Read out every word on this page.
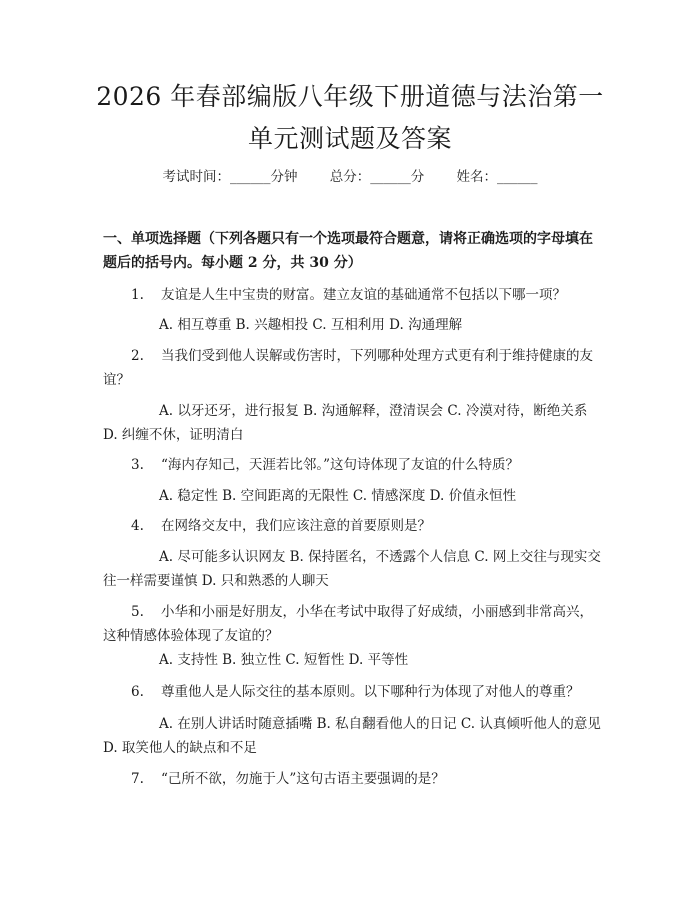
2026 年春部编版八年级下册道德与法治第一
单元测试题及答案
考试时间：______分钟 总分：______分 姓名：______
一、单项选择题（下列各题只有一个选项最符合题意，请将正确选项的字母填在题后的括号内。每小题 2 分，共 30 分）
1. 友谊是人生中宝贵的财富。建立友谊的基础通常不包括以下哪一项？
A. 相互尊重 B. 兴趣相投 C. 互相利用 D. 沟通理解
2. 当我们受到他人误解或伤害时，下列哪种处理方式更有利于维持健康的友谊？
A. 以牙还牙，进行报复 B. 沟通解释，澄清误会 C. 冷漠对待，断绝关系 D. 纠缠不休，证明清白
3. “海内存知己，天涯若比邻。”这句诗体现了友谊的什么特质？
A. 稳定性 B. 空间距离的无限性 C. 情感深度 D. 价值永恒性
4. 在网络交友中，我们应该注意的首要原则是？
A. 尽可能多认识网友 B. 保持匿名，不透露个人信息 C. 网上交往与现实交往一样需要谨慎 D. 只和熟悉的人聊天
5. 小华和小丽是好朋友，小华在考试中取得了好成绩，小丽感到非常高兴，这种情感体验体现了友谊的？
A. 支持性 B. 独立性 C. 短暂性 D. 平等性
6. 尊重他人是人际交往的基本原则。以下哪种行为体现了对他人的尊重？
A. 在别人讲话时随意插嘴 B. 私自翻看他人的日记 C. 认真倾听他人的意见 D. 取笑他人的缺点和不足
7. “己所不欲，勿施于人”这句古语主要强调的是？
